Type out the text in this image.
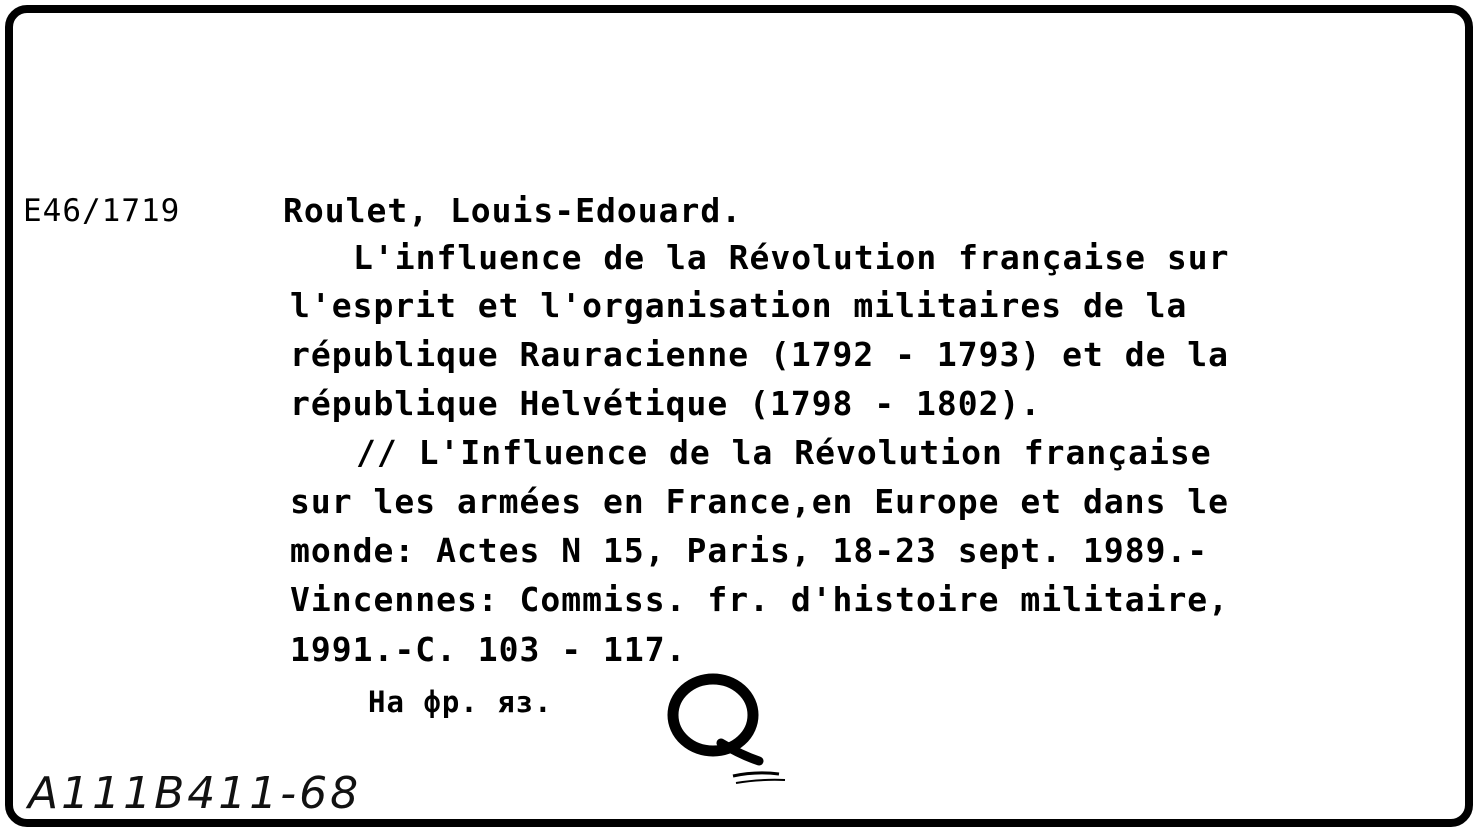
E46/1719	Roulet, Louis-Edouard.
L'influence de la Révolution française sur
l'esprit et l'organisation militaires de la
république Rauracienne (1792 - 1793) et de la
république Helvétique (1798 - 1802).
// L'Influence de la Révolution française
sur les armées en France,en Europe et dans le
monde: Actes N 15, Paris, 18-23 sept. 1989.-
Vincennes: Commiss. fr. d'histoire militaire,
1991.-C. 103 - 117.
На фр. яз.
A111B411-68
